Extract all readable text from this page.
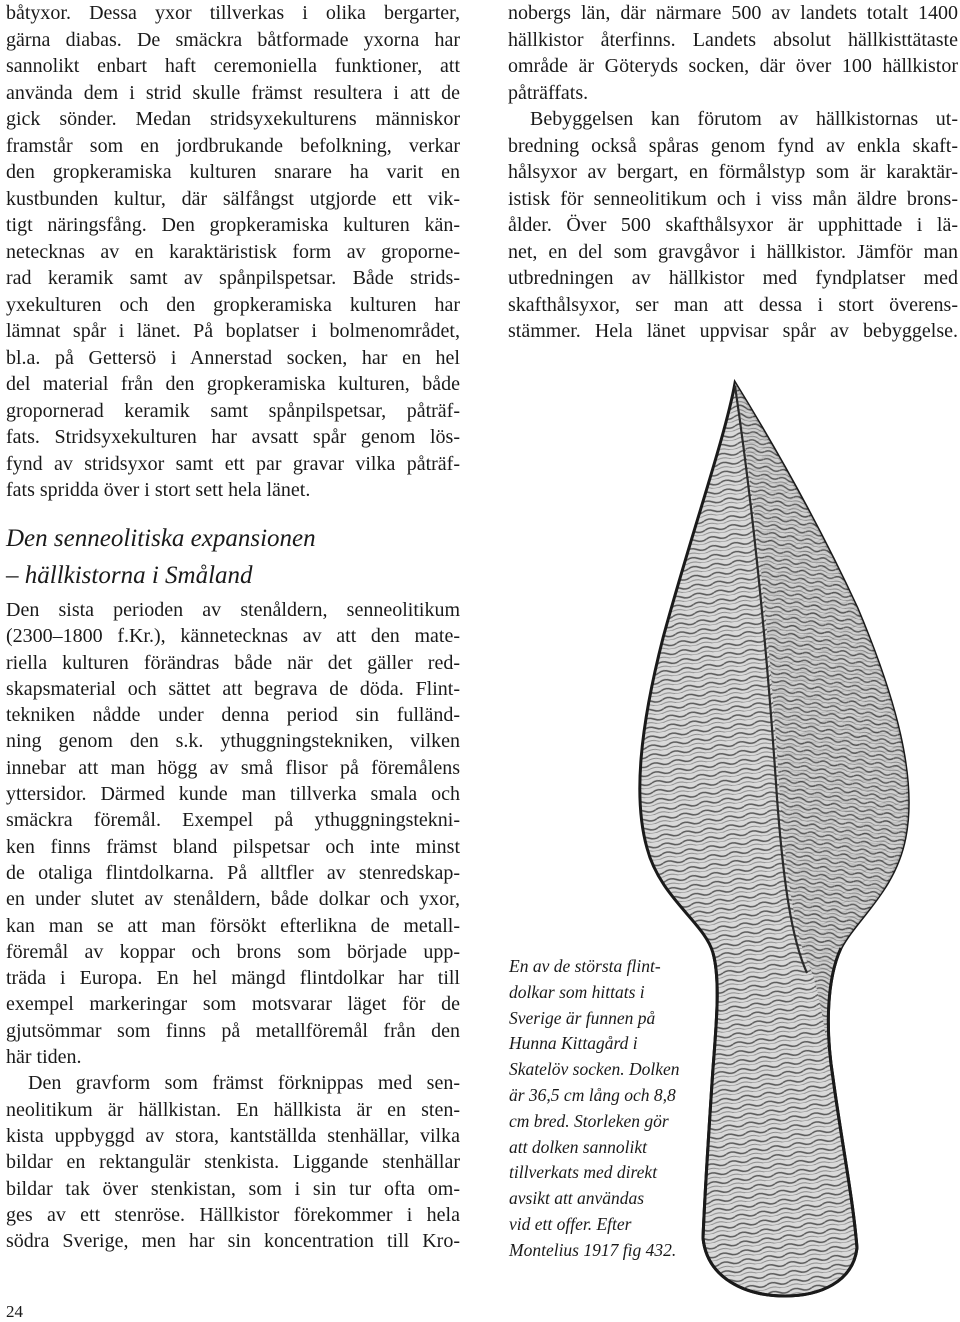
båtyxor. Dessa yxor tillverkas i olika bergarter,
gärna diabas. De smäckra båtformade yxorna har
sannolikt enbart haft ceremoniella funktioner, att
använda dem i strid skulle främst resultera i att de
gick sönder. Medan stridsyxekulturens människor
framstår som en jordbrukande befolkning, verkar
den gropkeramiska kulturen snarare ha varit en
kustbunden kultur, där sälfångst utgjorde ett vik-
tigt näringsfång. Den gropkeramiska kulturen kän-
netecknas av en karaktäristisk form av groporne-
rad keramik samt av spånpilspetsar. Både strids-
yxekulturen och den gropkeramiska kulturen har
lämnat spår i länet. På boplatser i bolmenområdet,
bl.a. på Gettersö i Annerstad socken, har en hel
del material från den gropkeramiska kulturen, både
gropornerad keramik samt spånpilspetsar, påträf-
fats. Stridsyxekulturen har avsatt spår genom lös-
fynd av stridsyxor samt ett par gravar vilka påträf-
fats spridda över i stort sett hela länet.
Den senneolitiska expansionen
– hällkistorna i Småland
Den sista perioden av stenåldern, senneolitikum
(2300–1800 f.Kr.), kännetecknas av att den mate-
riella kulturen förändras både när det gäller red-
skapsmaterial och sättet att begrava de döda. Flint-
tekniken nådde under denna period sin fulländ-
ning genom den s.k. ythuggningstekniken, vilken
innebar att man högg av små flisor på föremålens
yttersidor. Därmed kunde man tillverka smala och
smäckra föremål. Exempel på ythuggningstekni-
ken finns främst bland pilspetsar och inte minst
de otaliga flintdolkarna. På alltfler av stenredskap-
en under slutet av stenåldern, både dolkar och yxor,
kan man se att man försökt efterlikna de metall-
föremål av koppar och brons som började upp-
träda i Europa. En hel mängd flintdolkar har till
exempel markeringar som motsvarar läget för de
gjutsömmar som finns på metallföremål från den
här tiden.
Den gravform som främst förknippas med sen-
neolitikum är hällkistan. En hällkista är en sten-
kista uppbyggd av stora, kantställda stenhällar, vilka
bildar en rektangulär stenkista. Liggande stenhällar
bildar tak över stenkistan, som i sin tur ofta om-
ges av ett stenröse. Hällkistor förekommer i hela
södra Sverige, men har sin koncentration till Kro-
nobergs län, där närmare 500 av landets totalt 1400
hällkistor återfinns. Landets absolut hällkisttätaste
område är Göteryds socken, där över 100 hällkistor
påträffats.
Bebyggelsen kan förutom av hällkistornas ut-
bredning också spåras genom fynd av enkla skaft-
hålsyxor av bergart, en förmålstyp som är karaktär-
istisk för senneolitikum och i viss mån äldre brons-
ålder. Över 500 skafthålsyxor är upphittade i lä-
net, en del som gravgåvor i hällkistor. Jämför man
utbredningen av hällkistor med fyndplatser med
skafthålsyxor, ser man att dessa i stort överens-
stämmer. Hela länet uppvisar spår av bebyggelse.
En av de största flint-
dolkar som hittats i
Sverige är funnen på
Hunna Kittagård i
Skatelöv socken. Dolken
är 36,5 cm lång och 8,8
cm bred. Storleken gör
att dolken sannolikt
tillverkats med direkt
avsikt att användas
vid ett offer. Efter
Montelius 1917 fig 432.
24
